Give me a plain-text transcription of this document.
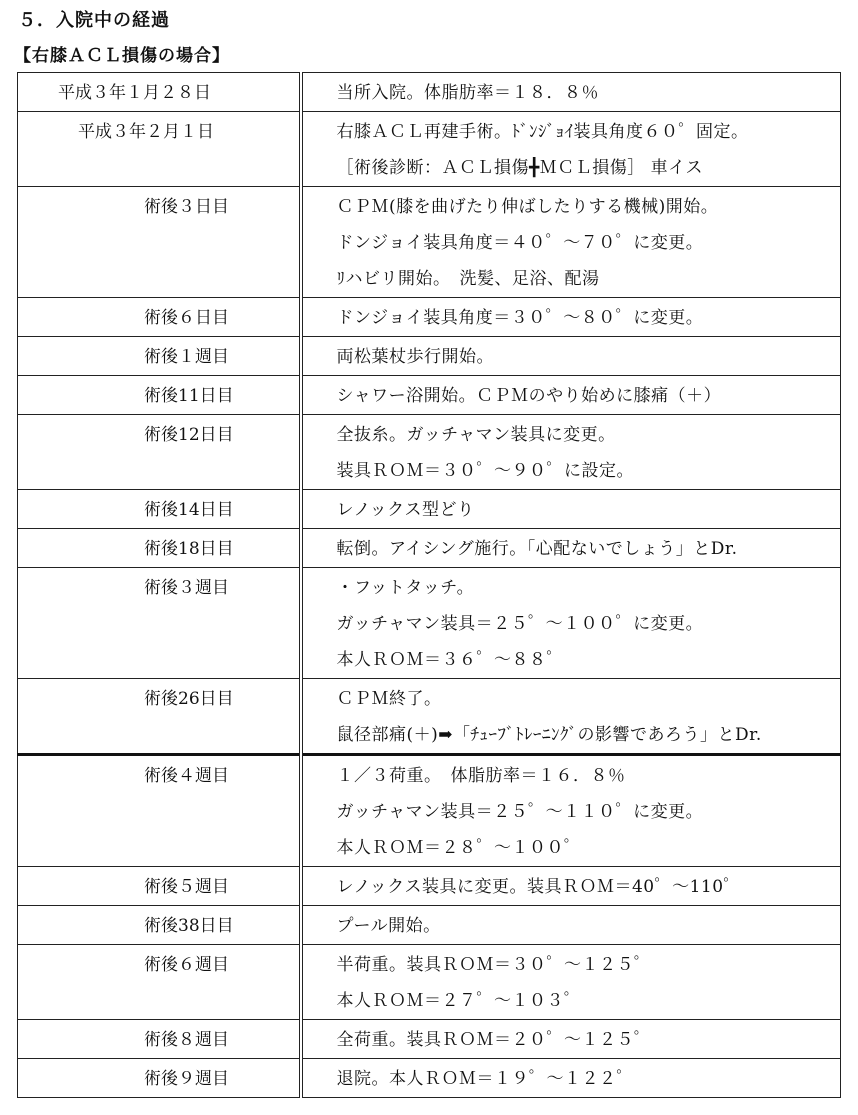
５．入院中の経過
【右膝ＡＣＬ損傷の場合】
平成３年１月２８日	当所入院。体脂肪率＝１８．８％

平成３年２月１日	右膝ＡＣＬ再建手術。ﾄﾞﾝｼﾞｮｲ装具角度６０゜固定。
［術後診断：ＡＣＬ損傷╋ＭＣＬ損傷］ 車イス

術後３日目	ＣＰＭ(膝を曲げたり伸ばしたりする機械)開始。
ドンジョイ装具角度＝４０゜～７０゜に変更。
ﾘハビリ開始。　洗髪、足浴、配湯

術後６日目	ドンジョイ装具角度＝３０゜～８０゜に変更。

術後１週目	両松葉杖歩行開始。

術後11日目	シャワー浴開始。ＣＰＭのやり始めに膝痛（＋）

術後12日目	全抜糸。ガッチャマン装具に変更。
装具ＲＯＭ＝３０゜～９０゜に設定。

術後14日目	レノックス型どり

術後18日目	転倒。アイシング施行。「心配ないでしょう」とDr.

術後３週目	・フットタッチ。
ガッチャマン装具＝２５゜～１００゜に変更。
本人ＲＯＭ＝３６゜～８８゜

術後26日目	ＣＰＭ終了。
鼠径部痛(＋)➡「ﾁｭｰﾌﾞﾄﾚｰﾆﾝｸﾞの影響であろう」とDr.

術後４週目	１／３荷重。　体脂肪率＝１６．８％
ガッチャマン装具＝２５゜～１１０゜に変更。
本人ＲＯＭ＝２８゜～１００゜

術後５週目	レノックス装具に変更。装具ＲＯＭ＝40゜～110゜

術後38日目	プール開始。

術後６週目	半荷重。装具ＲＯＭ＝３０゜～１２５゜
本人ＲＯＭ＝２７゜～１０３゜

術後８週目	全荷重。装具ＲＯＭ＝２０゜～１２５゜

術後９週目	退院。本人ＲＯＭ＝１９゜～１２２゜
